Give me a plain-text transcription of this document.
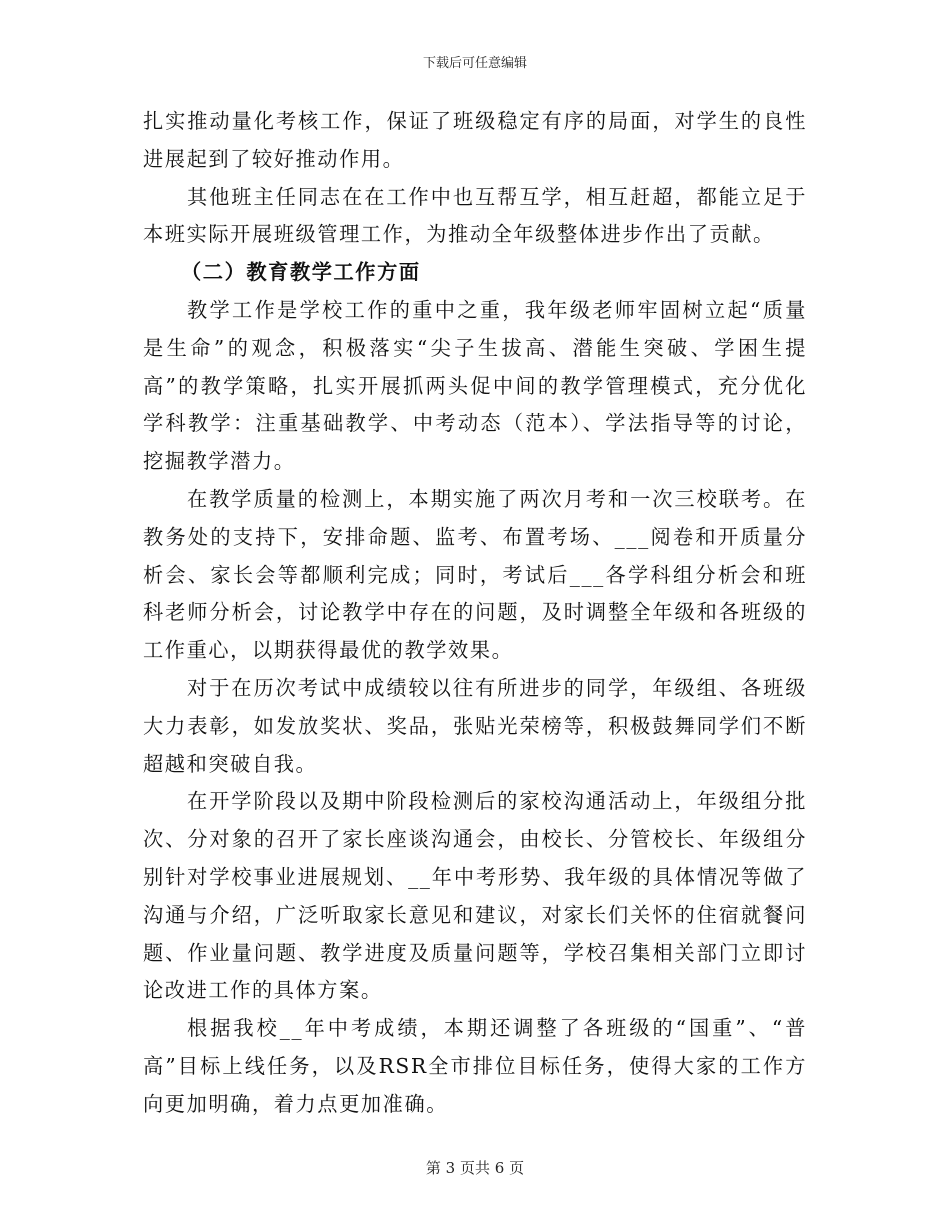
下载后可任意编辑

扎实推动量化考核工作，保证了班级稳定有序的局面，对学生的良性进展起到了较好推动作用。

其他班主任同志在在工作中也互帮互学，相互赶超，都能立足于本班实际开展班级管理工作，为推动全年级整体进步作出了贡献。

（二）教育教学工作方面

教学工作是学校工作的重中之重，我年级老师牢固树立起“质量是生命”的观念，积极落实“尖子生拔高、潜能生突破、学困生提高”的教学策略，扎实开展抓两头促中间的教学管理模式，充分优化学科教学：注重基础教学、中考动态（范本）、学法指导等的讨论，挖掘教学潜力。

在教学质量的检测上，本期实施了两次月考和一次三校联考。在教务处的支持下，安排命题、监考、布置考场、___阅卷和开质量分析会、家长会等都顺利完成；同时，考试后___各学科组分析会和班科老师分析会，讨论教学中存在的问题，及时调整全年级和各班级的工作重心，以期获得最优的教学效果。

对于在历次考试中成绩较以往有所进步的同学，年级组、各班级大力表彰，如发放奖状、奖品，张贴光荣榜等，积极鼓舞同学们不断超越和突破自我。

在开学阶段以及期中阶段检测后的家校沟通活动上，年级组分批次、分对象的召开了家长座谈沟通会，由校长、分管校长、年级组分别针对学校事业进展规划、__年中考形势、我年级的具体情况等做了沟通与介绍，广泛听取家长意见和建议，对家长们关怀的住宿就餐问题、作业量问题、教学进度及质量问题等，学校召集相关部门立即讨论改进工作的具体方案。

根据我校__年中考成绩，本期还调整了各班级的“国重”、“普高”目标上线任务，以及RSR全市排位目标任务，使得大家的工作方向更加明确，着力点更加准确。

第 3 页共 6 页
